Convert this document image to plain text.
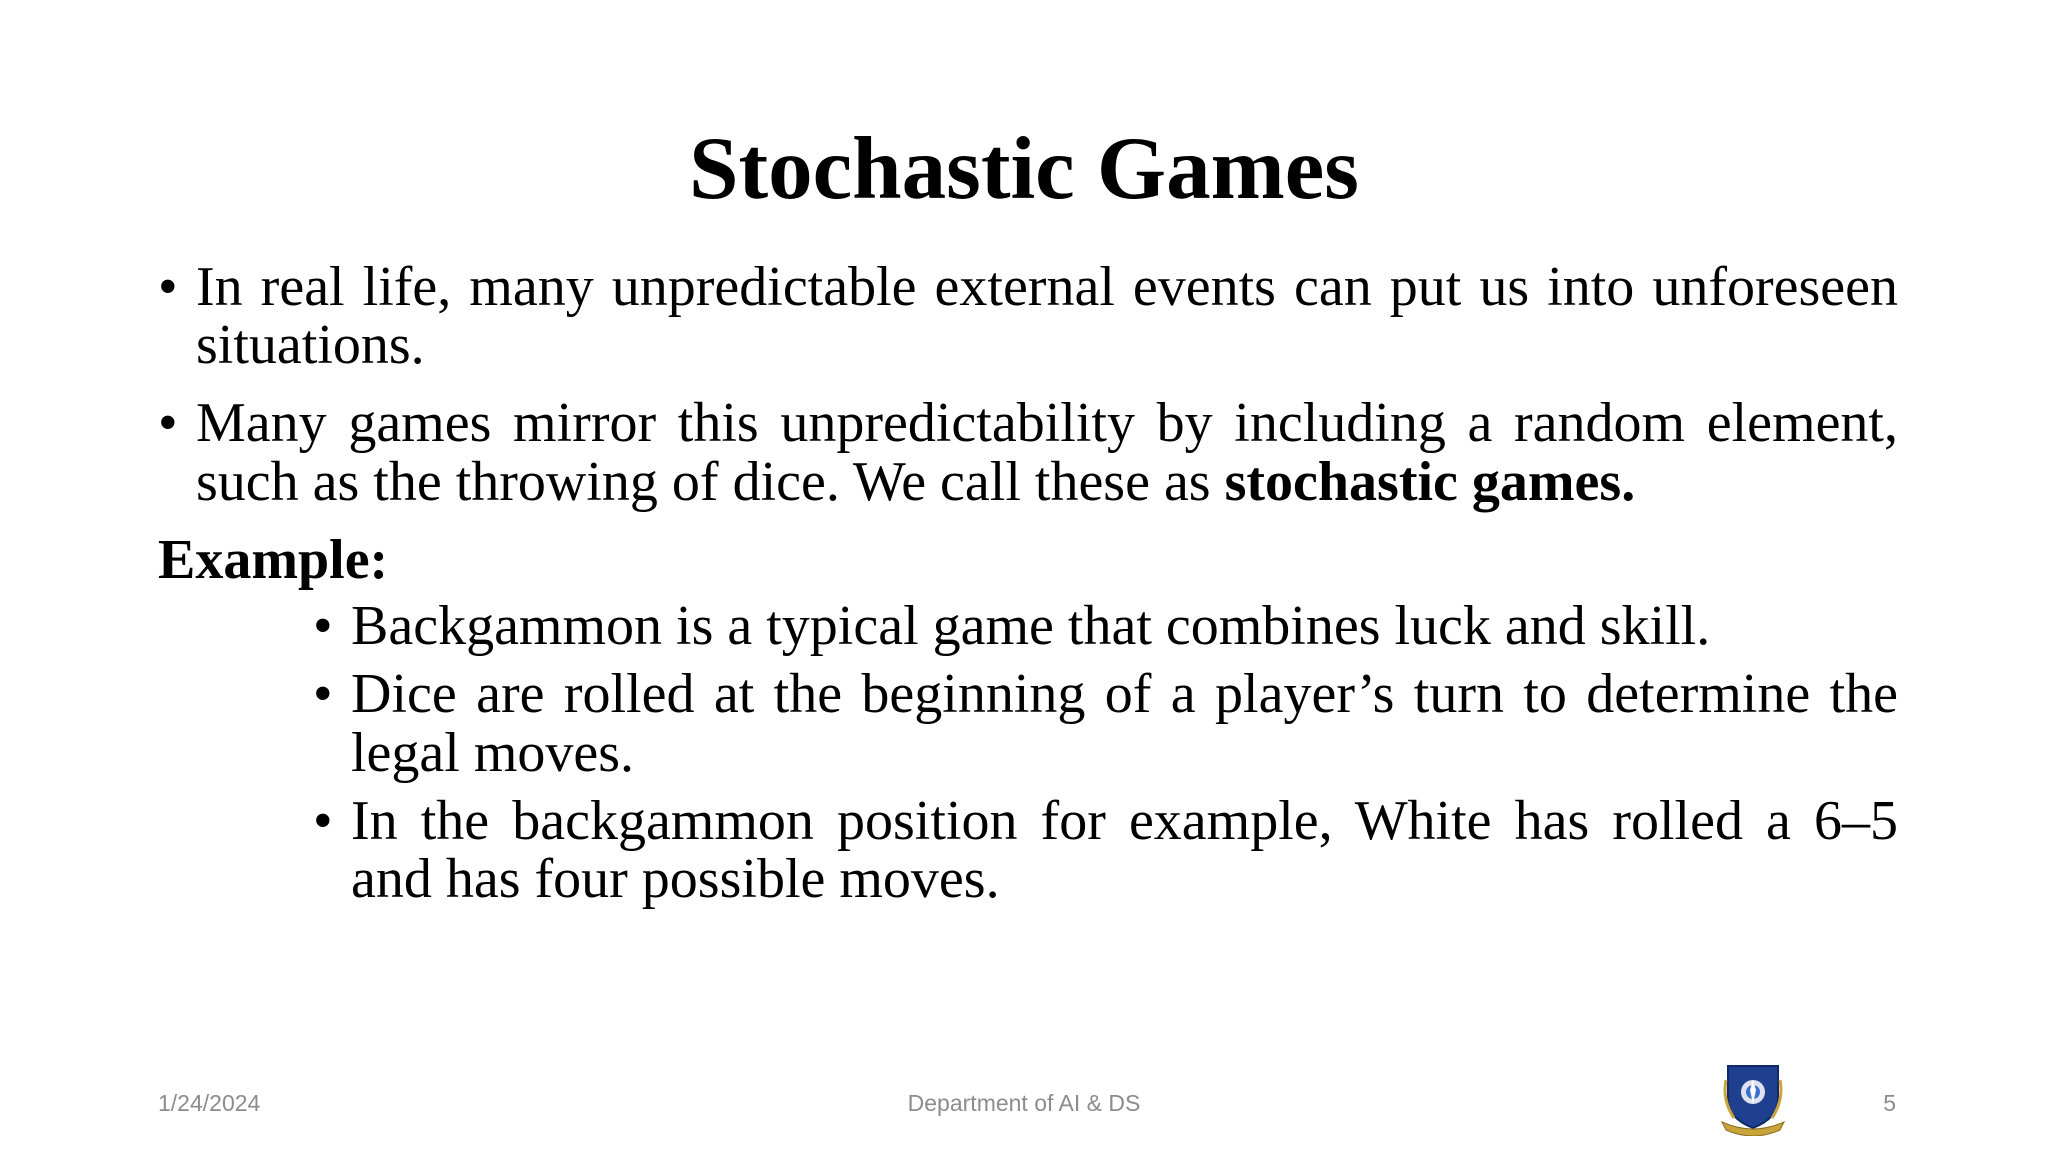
Stochastic Games
• In real life, many unpredictable external events can put us into unforeseen situations.
• Many games mirror this unpredictability by including a random element, such as the throwing of dice. We call these as stochastic games.
Example:
• Backgammon is a typical game that combines luck and skill.
• Dice are rolled at the beginning of a player’s turn to determine the legal moves.
• In the backgammon position for example, White has rolled a 6–5 and has four possible moves.
1/24/2024	Department of AI & DS	5
